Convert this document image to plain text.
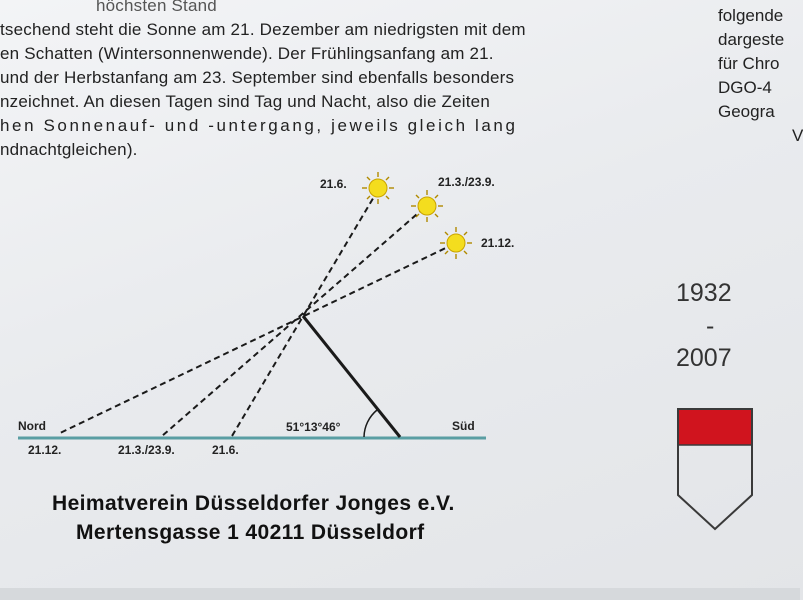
höchsten Stand
tsechend steht die Sonne am 21. Dezember am niedrigsten mit dem
en Schatten (Wintersonnenwende). Der Frühlingsanfang am 21.
und der Herbstanfang am 23. September sind ebenfalls besonders
nzeichnet. An diesen Tagen sind Tag und Nacht, also die Zeiten
hen Sonnenauf- und -untergang, jeweils gleich lang
ndnachtgleichen).
folgende
dargeste
für Chro
DGO-4
Geogra
V
21.6.	21.3./23.9.
21.12.
Nord	Süd
21.12.	21.3./23.9.	21.6.
51°13°46°
1932
-
2007
Heimatverein Düsseldorfer Jonges e.V.
Mertensgasse 1 40211 Düsseldorf
